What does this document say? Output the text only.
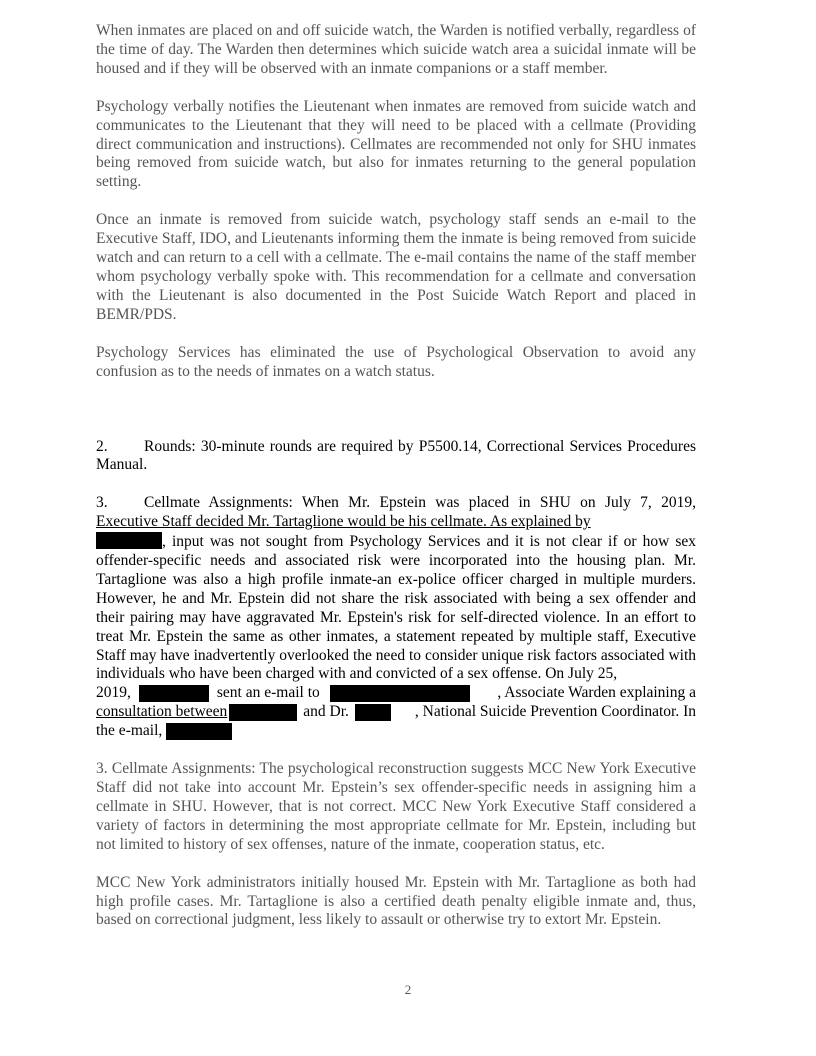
When inmates are placed on and off suicide watch, the Warden is notified verbally, regardless of the time of day. The Warden then determines which suicide watch area a suicidal inmate will be housed and if they will be observed with an inmate companions or a staff member.

Psychology verbally notifies the Lieutenant when inmates are removed from suicide watch and communicates to the Lieutenant that they will need to be placed with a cellmate (Providing direct communication and instructions). Cellmates are recommended not only for SHU inmates being removed from suicide watch, but also for inmates returning to the general population setting.

Once an inmate is removed from suicide watch, psychology staff sends an e-mail to the Executive Staff, IDO, and Lieutenants informing them the inmate is being removed from suicide watch and can return to a cell with a cellmate. The e-mail contains the name of the staff member whom psychology verbally spoke with. This recommendation for a cellmate and conversation with the Lieutenant is also documented in the Post Suicide Watch Report and placed in BEMR/PDS.

Psychology Services has eliminated the use of Psychological Observation to avoid any confusion as to the needs of inmates on a watch status.

2. Rounds: 30-minute rounds are required by P5500.14, Correctional Services Procedures Manual.

3. Cellmate Assignments: When Mr. Epstein was placed in SHU on July 7, 2019,
Executive Staff decided Mr. Tartaglione would be his cellmate. As explained by
, input was not sought from Psychology Services and it is not clear if or how sex offender-specific needs and associated risk were incorporated into the housing plan. Mr. Tartaglione was also a high profile inmate-an ex-police officer charged in multiple murders. However, he and Mr. Epstein did not share the risk associated with being a sex offender and their pairing may have aggravated Mr. Epstein's risk for self-directed violence. In an effort to treat Mr. Epstein the same as other inmates, a statement repeated by multiple staff, Executive Staff may have inadvertently overlooked the need to consider unique risk factors associated with individuals who have been charged with and convicted of a sex offense. On July 25,
2019,	sent an e-mail to	, Associate Warden explaining a
consultation between	and Dr.	, National Suicide Prevention Coordinator. In
the e-mail,

3. Cellmate Assignments: The psychological reconstruction suggests MCC New York Executive Staff did not take into account Mr. Epstein’s sex offender-specific needs in assigning him a cellmate in SHU. However, that is not correct. MCC New York Executive Staff considered a variety of factors in determining the most appropriate cellmate for Mr. Epstein, including but not limited to history of sex offenses, nature of the inmate, cooperation status, etc.

MCC New York administrators initially housed Mr. Epstein with Mr. Tartaglione as both had high profile cases. Mr. Tartaglione is also a certified death penalty eligible inmate and, thus, based on correctional judgment, less likely to assault or otherwise try to extort Mr. Epstein.

2
